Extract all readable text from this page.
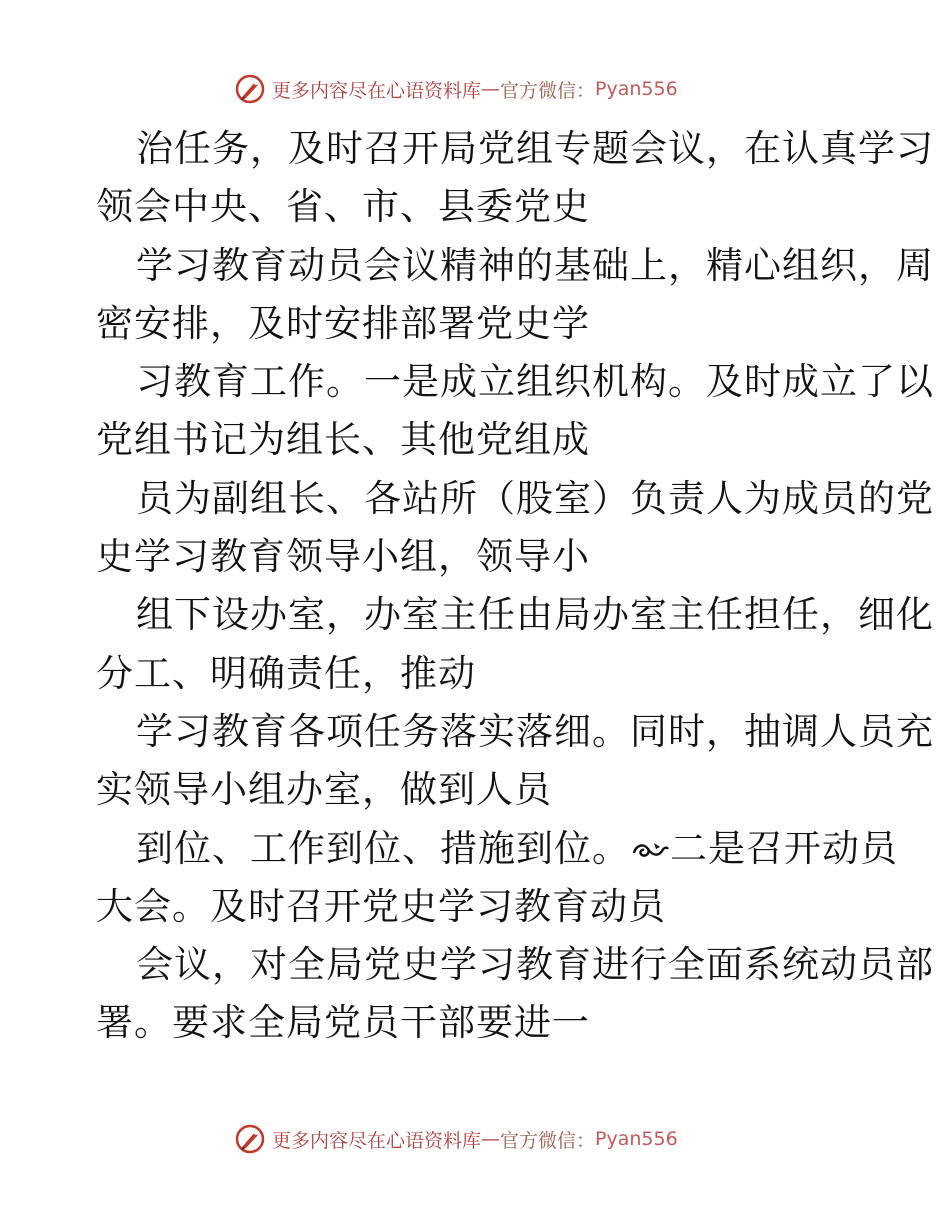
更多内容尽在心语资料库 — 官方微信： Pyan556
治任务，及时召开局党组专题会议，在认真学习
领会中央、省、市、县委党史
学习教育动员会议精神的基础上，精心组织，周
密安排，及时安排部署党史学
习教育工作。一是成立组织机构。及时成立了以
党组书记为组长、其他党组成
员为副组长、各站所（股室）负责人为成员的党
史学习教育领导小组，领导小
组下设办室，办室主任由局办室主任担任，细化
分工、明确责任，推动
学习教育各项任务落实落细。同时，抽调人员充
实领导小组办室，做到人员
到位、工作到位、措施到位。 二是召开动员
大会。及时召开党史学习教育动员
会议，对全局党史学习教育进行全面系统动员部
署。要求全局党员干部要进一
更多内容尽在心语资料库 — 官方微信： Pyan556
